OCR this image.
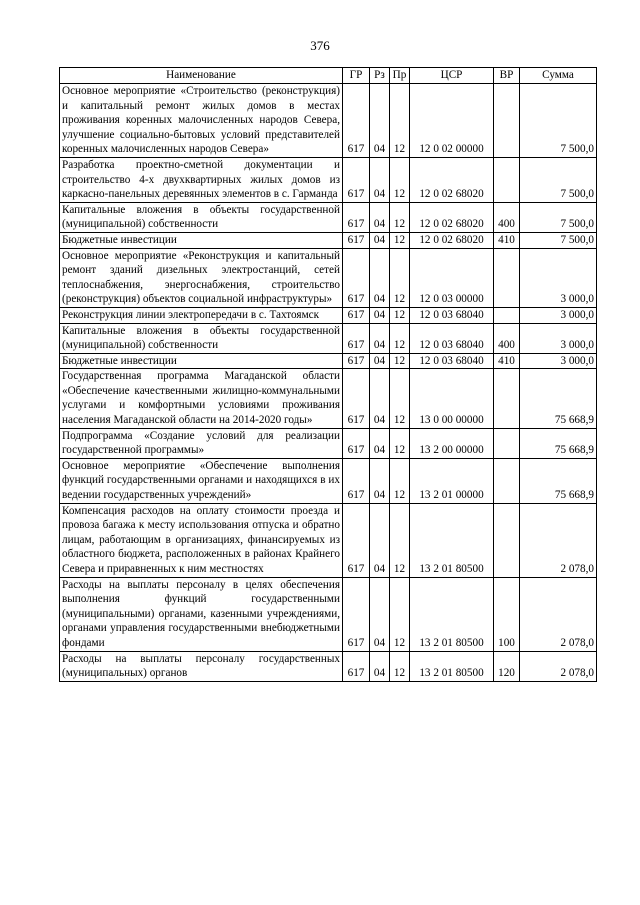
376
Наименование	ГР	Рз	Пр	ЦСР	ВР	Сумма
Основное мероприятие «Строительство (реконструкция) и капитальный ремонт жилых домов в местах проживания коренных малочисленных народов Севера, улучшение социально-бытовых условий представителей коренных малочисленных народов Севера»	617	04	12	12 0 02 00000		7 500,0
Разработка проектно-сметной документации и строительство 4-х двухквартирных жилых домов из каркасно-панельных деревянных элементов в с. Гарманда	617	04	12	12 0 02 68020		7 500,0
Капитальные вложения в объекты государственной (муниципальной) собственности	617	04	12	12 0 02 68020	400	7 500,0
Бюджетные инвестиции	617	04	12	12 0 02 68020	410	7 500,0
Основное мероприятие «Реконструкция и капитальный ремонт зданий дизельных электростанций, сетей теплоснабжения, энергоснабжения, строительство (реконструкция) объектов социальной инфраструктуры»	617	04	12	12 0 03 00000		3 000,0
Реконструкция линии электропередачи в с. Тахтоямск	617	04	12	12 0 03 68040		3 000,0
Капитальные вложения в объекты государственной (муниципальной) собственности	617	04	12	12 0 03 68040	400	3 000,0
Бюджетные инвестиции	617	04	12	12 0 03 68040	410	3 000,0
Государственная программа Магаданской области «Обеспечение качественными жилищно-коммунальными услугами и комфортными условиями проживания населения Магаданской области на 2014-2020 годы»	617	04	12	13 0 00 00000		75 668,9
Подпрограмма «Создание условий для реализации государственной программы»	617	04	12	13 2 00 00000		75 668,9
Основное мероприятие «Обеспечение выполнения функций государственными органами и находящихся в их ведении государственных учреждений»	617	04	12	13 2 01 00000		75 668,9
Компенсация расходов на оплату стоимости проезда и провоза багажа к месту использования отпуска и обратно лицам, работающим в организациях, финансируемых из областного бюджета, расположенных в районах Крайнего Севера и приравненных к ним местностях	617	04	12	13 2 01 80500		2 078,0
Расходы на выплаты персоналу в целях обеспечения выполнения функций государственными (муниципальными) органами, казенными учреждениями, органами управления государственными внебюджетными фондами	617	04	12	13 2 01 80500	100	2 078,0
Расходы на выплаты персоналу государственных (муниципальных) органов	617	04	12	13 2 01 80500	120	2 078,0
